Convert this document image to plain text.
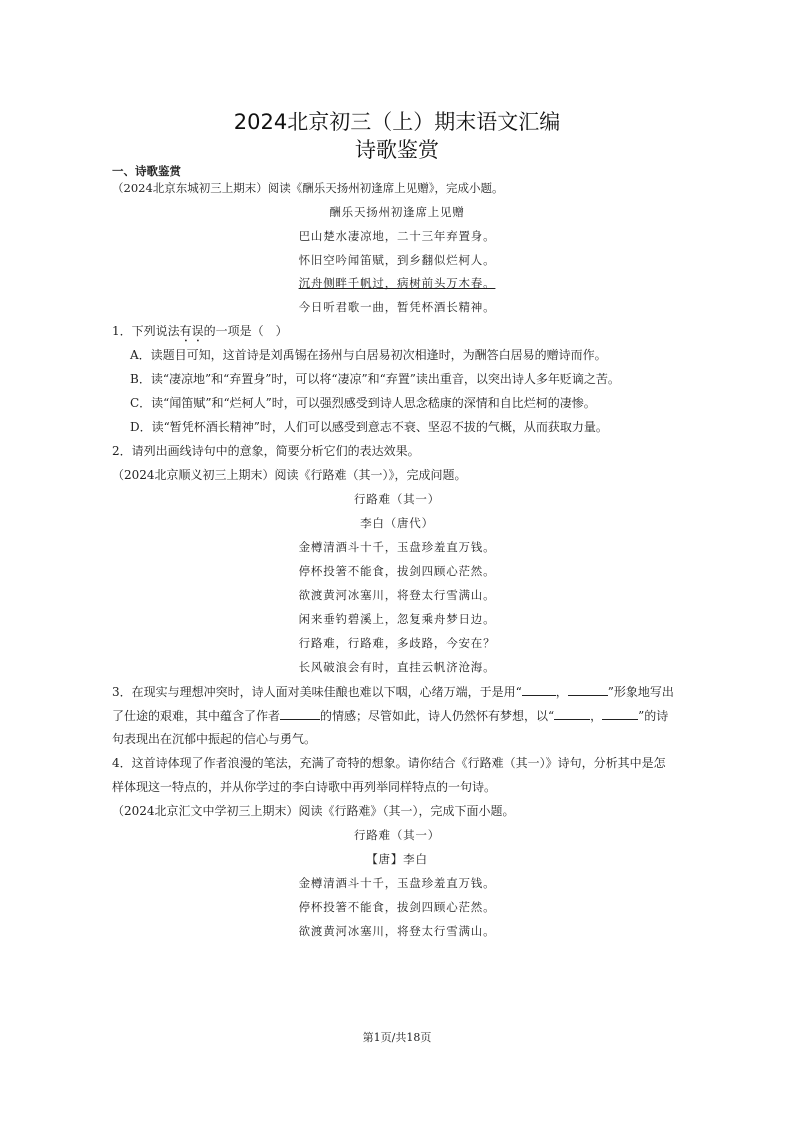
2024北京初三（上）期末语文汇编
诗歌鉴赏
一、诗歌鉴赏
（2024北京东城初三上期末）阅读《酬乐天扬州初逢席上见赠》，完成小题。
酬乐天扬州初逢席上见赠
巴山楚水凄凉地，二十三年弃置身。
怀旧空吟闻笛赋，到乡翻似烂柯人。
沉舟侧畔千帆过，病树前头万木春。
今日听君歌一曲，暂凭杯酒长精神。
1．下列说法有误的一项是（　）
A．读题目可知，这首诗是刘禹锡在扬州与白居易初次相逢时，为酬答白居易的赠诗而作。
B．读“凄凉地”和“弃置身”时，可以将“凄凉”和“弃置”读出重音，以突出诗人多年贬谪之苦。
C．读“闻笛赋”和“烂柯人”时，可以强烈感受到诗人思念嵇康的深情和自比烂柯的凄惨。
D．读“暂凭杯酒长精神”时，人们可以感受到意志不衰、坚忍不拔的气概，从而获取力量。
2．请列出画线诗句中的意象，简要分析它们的表达效果。
（2024北京顺义初三上期末）阅读《行路难（其一）》，完成问题。
行路难（其一）
李白（唐代）
金樽清酒斗十千，玉盘珍羞直万钱。
停杯投箸不能食，拔剑四顾心茫然。
欲渡黄河冰塞川，将登太行雪满山。
闲来垂钓碧溪上，忽复乘舟梦日边。
行路难，行路难，多歧路，今安在？
长风破浪会有时，直挂云帆济沧海。
3．在现实与理想冲突时，诗人面对美味佳酿也难以下咽，心绪万端，于是用“	，	”形象地写出
了仕途的艰难，其中蕴含了作者	的情感；尽管如此，诗人仍然怀有梦想，以“	，	”的诗
句表现出在沉郁中振起的信心与勇气。
4．这首诗体现了作者浪漫的笔法，充满了奇特的想象。请你结合《行路难（其一）》诗句，分析其中是怎
样体现这一特点的，并从你学过的李白诗歌中再列举同样特点的一句诗。
（2024北京汇文中学初三上期末）阅读《行路难》（其一），完成下面小题。
行路难（其一）
【唐】李白
金樽清酒斗十千，玉盘珍羞直万钱。
停杯投箸不能食，拔剑四顾心茫然。
欲渡黄河冰塞川，将登太行雪满山。
第1页/共18页
